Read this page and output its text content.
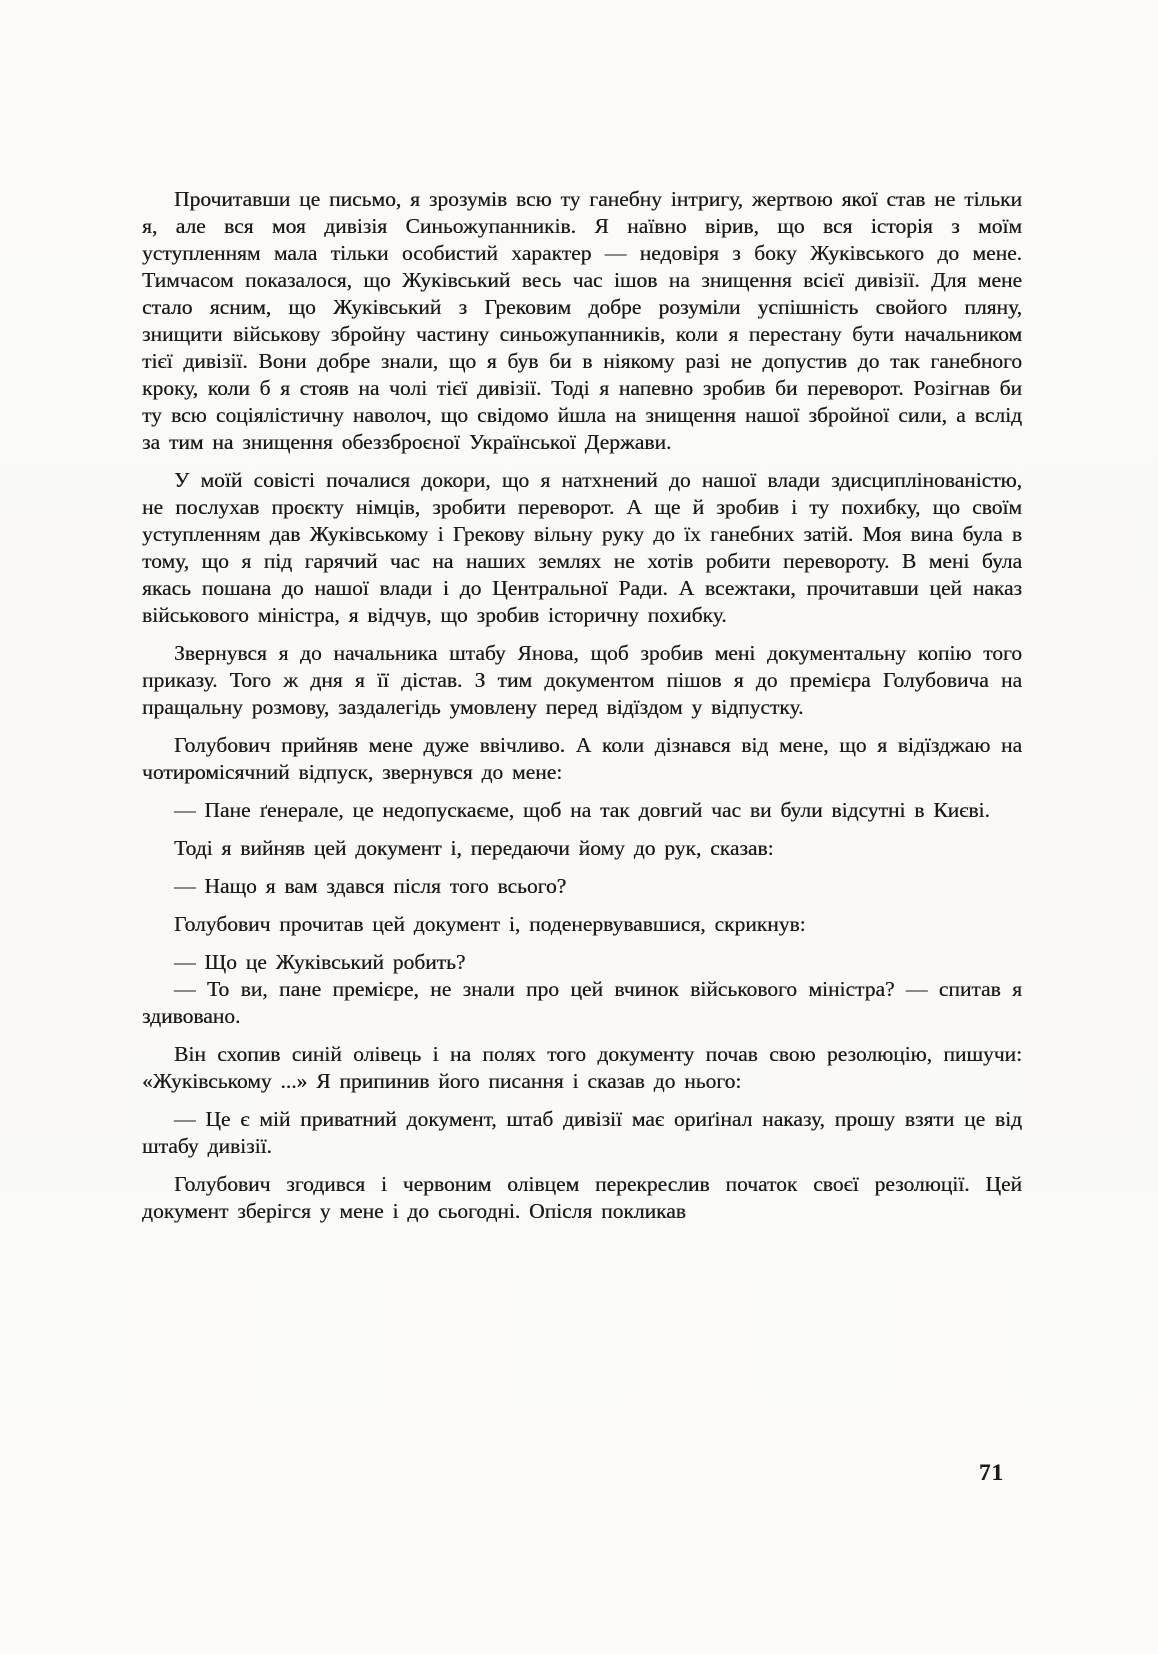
Прочитавши це письмо, я зрозумів всю ту ганебну інтригу, жертвою якої став не тільки я, але вся моя дивізія Синьожупанників. Я наївно вірив, що вся історія з моїм уступленням мала тільки особистий характер — недовіря з боку Жуківського до мене. Тимчасом показалося, що Жуківський весь час ішов на знищення всієї дивізії. Для мене стало ясним, що Жуківський з Грековим добре розуміли успішність свойого пляну, знищити військову збройну частину синьожупанників, коли я перестану бути начальником тієї дивізії. Вони добре знали, що я був би в ніякому разі не допустив до так ганебного кроку, коли б я стояв на чолі тієї дивізії. Тоді я напевно зробив би переворот. Розігнав би ту всю соціялістичну наволоч, що свідомо йшла на знищення нашої збройної сили, а вслід за тим на знищення обеззброєної Української Держави.

У моїй совісті почалися докори, що я натхнений до нашої влади здисциплінованістю, не послухав проєкту німців, зробити переворот. А ще й зробив і ту похибку, що своїм уступленням дав Жуківському і Грекову вільну руку до їх ганебних затій. Моя вина була в тому, що я під гарячий час на наших землях не хотів робити перевороту. В мені була якась пошана до нашої влади і до Центральної Ради. А всежтаки, прочитавши цей наказ військового міністра, я відчув, що зробив історичну похибку.

Звернувся я до начальника штабу Янова, щоб зробив мені документальну копію того приказу. Того ж дня я її дістав. З тим документом пішов я до премієра Голубовича на пращальну розмову, заздалегідь умовлену перед відїздом у відпустку.

Голубович прийняв мене дуже ввічливо. А коли дізнався від мене, що я відїзджаю на чотиромісячний відпуск, звернувся до мене:

— Пане ґенерале, це недопускаєме, щоб на так довгий час ви були відсутні в Києві.

Тоді я вийняв цей документ і, передаючи йому до рук, сказав:

— Нащо я вам здався після того всього?

Голубович прочитав цей документ і, поденервувавшися, скрикнув:

— Що це Жуківський робить?

— То ви, пане премієре, не знали про цей вчинок військового міністра? — спитав я здивовано.

Він схопив синій олівець і на полях того документу почав свою резолюцію, пишучи: «Жуківському ...» Я припинив його писання і сказав до нього:

— Це є мій приватний документ, штаб дивізії має ориґінал наказу, прошу взяти це від штабу дивізії.

Голубович згодився і червоним олівцем перекреслив початок своєї резолюції. Цей документ зберігся у мене і до сьогодні. Опісля покликав

71
